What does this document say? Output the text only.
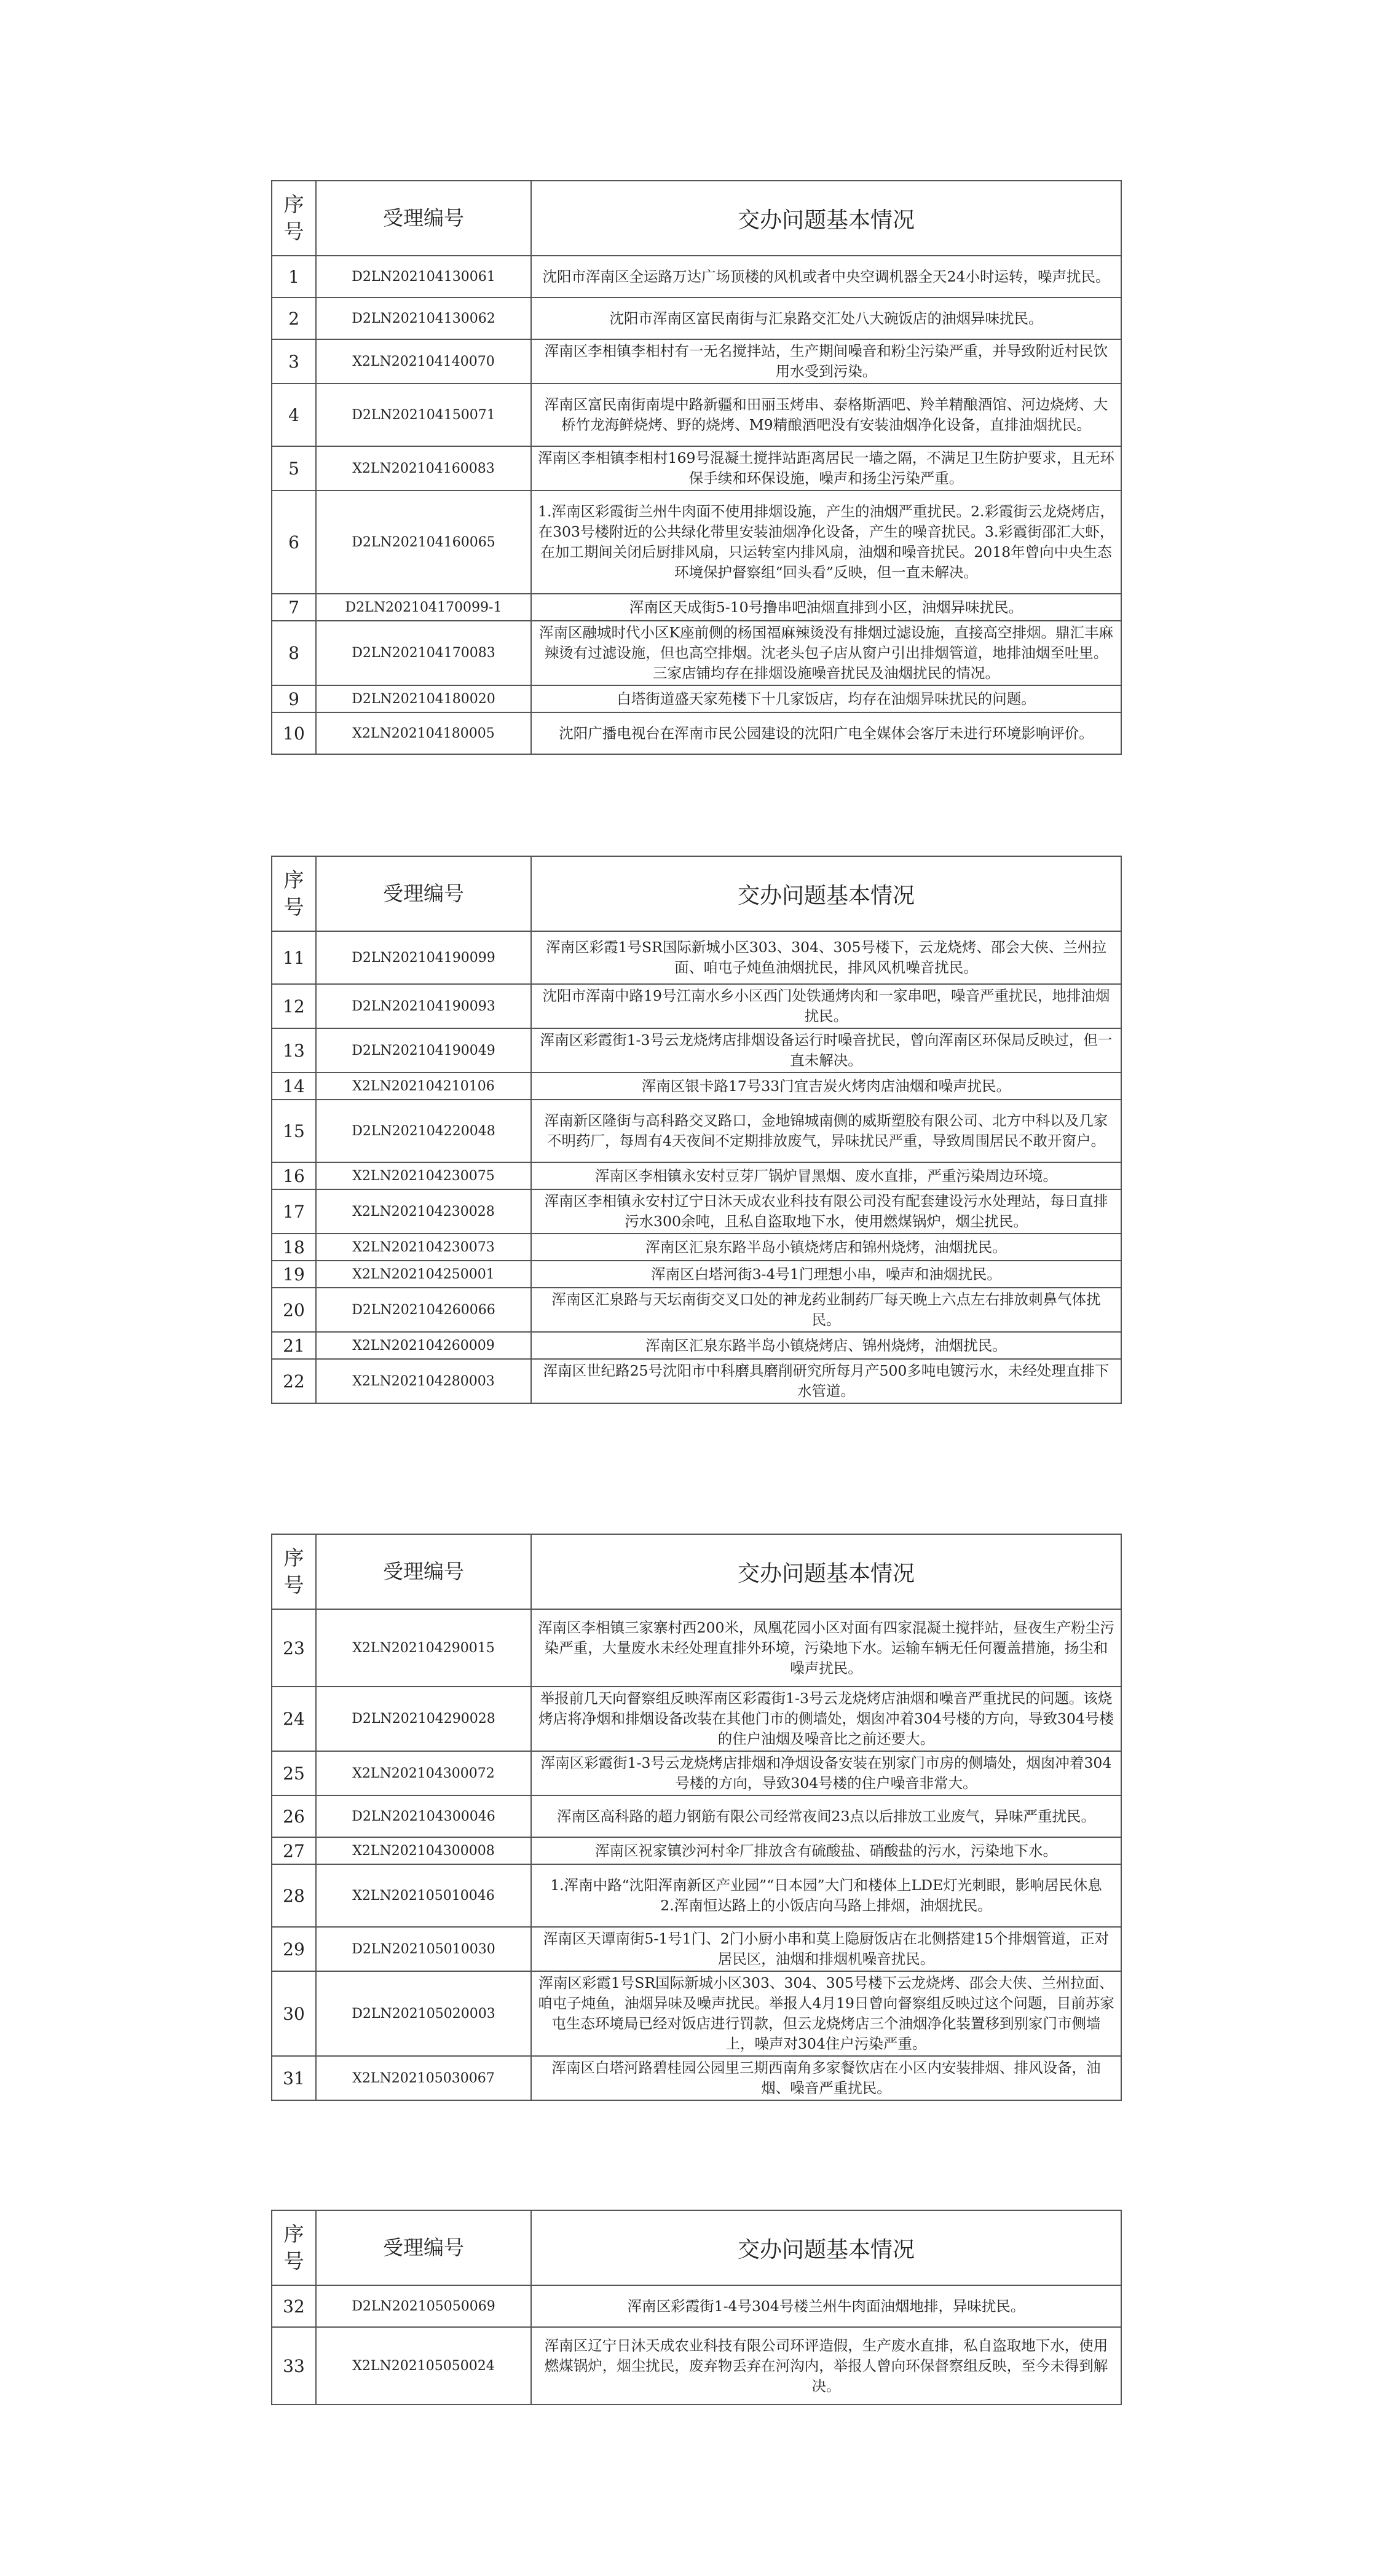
序号	受理编号	交办问题基本情况
1	D2LN202104130061	沈阳市浑南区全运路万达广场顶楼的风机或者中央空调机器全天24小时运转，噪声扰民。
2	D2LN202104130062	沈阳市浑南区富民南街与汇泉路交汇处八大碗饭店的油烟异味扰民。
3	X2LN202104140070	浑南区李相镇李相村有一无名搅拌站，生产期间噪音和粉尘污染严重，并导致附近村民饮用水受到污染。
4	D2LN202104150071	浑南区富民南街南堤中路新疆和田丽玉烤串、泰格斯酒吧、羚羊精酿酒馆、河边烧烤、大桥竹龙海鲜烧烤、野的烧烤、M9精酿酒吧没有安装油烟净化设备，直排油烟扰民。
5	X2LN202104160083	浑南区李相镇李相村169号混凝土搅拌站距离居民一墙之隔，不满足卫生防护要求，且无环保手续和环保设施，噪声和扬尘污染严重。
6	D2LN202104160065	1.浑南区彩霞街兰州牛肉面不使用排烟设施，产生的油烟严重扰民。2.彩霞街云龙烧烤店，在303号楼附近的公共绿化带里安装油烟净化设备，产生的噪音扰民。3.彩霞街邵汇大虾，在加工期间关闭后厨排风扇，只运转室内排风扇，油烟和噪音扰民。2018年曾向中央生态环境保护督察组“回头看”反映，但一直未解决。
7	D2LN202104170099-1	浑南区天成街5-10号撸串吧油烟直排到小区，油烟异味扰民。
8	D2LN202104170083	浑南区融城时代小区K座前侧的杨国福麻辣烫没有排烟过滤设施，直接高空排烟。鼎汇丰麻辣烫有过滤设施，但也高空排烟。沈老头包子店从窗户引出排烟管道，地排油烟至吐里。三家店铺均存在排烟设施噪音扰民及油烟扰民的情况。
9	D2LN202104180020	白塔街道盛天家苑楼下十几家饭店，均存在油烟异味扰民的问题。
10	X2LN202104180005	沈阳广播电视台在浑南市民公园建设的沈阳广电全媒体会客厅未进行环境影响评价。
序号	受理编号	交办问题基本情况
11	D2LN202104190099	浑南区彩霞1号SR国际新城小区303、304、305号楼下，云龙烧烤、邵会大侠、兰州拉面、咱屯子炖鱼油烟扰民，排风风机噪音扰民。
12	D2LN202104190093	沈阳市浑南中路19号江南水乡小区西门处铁通烤肉和一家串吧，噪音严重扰民，地排油烟扰民。
13	D2LN202104190049	浑南区彩霞街1-3号云龙烧烤店排烟设备运行时噪音扰民，曾向浑南区环保局反映过，但一直未解决。
14	X2LN202104210106	浑南区银卡路17号33门宜吉炭火烤肉店油烟和噪声扰民。
15	D2LN202104220048	浑南新区隆街与高科路交叉路口，金地锦城南侧的威斯塑胶有限公司、北方中科以及几家不明药厂，每周有4天夜间不定期排放废气，异味扰民严重，导致周围居民不敢开窗户。
16	X2LN202104230075	浑南区李相镇永安村豆芽厂锅炉冒黑烟、废水直排，严重污染周边环境。
17	X2LN202104230028	浑南区李相镇永安村辽宁日沐天成农业科技有限公司没有配套建设污水处理站，每日直排污水300余吨，且私自盗取地下水，使用燃煤锅炉，烟尘扰民。
18	X2LN202104230073	浑南区汇泉东路半岛小镇烧烤店和锦州烧烤，油烟扰民。
19	X2LN202104250001	浑南区白塔河街3-4号1门理想小串，噪声和油烟扰民。
20	D2LN202104260066	浑南区汇泉路与天坛南街交叉口处的神龙药业制药厂每天晚上六点左右排放刺鼻气体扰民。
21	X2LN202104260009	浑南区汇泉东路半岛小镇烧烤店、锦州烧烤，油烟扰民。
22	X2LN202104280003	浑南区世纪路25号沈阳市中科磨具磨削研究所每月产500多吨电镀污水，未经处理直排下水管道。
序号	受理编号	交办问题基本情况
23	X2LN202104290015	浑南区李相镇三家寨村西200米，凤凰花园小区对面有四家混凝土搅拌站，昼夜生产粉尘污染严重，大量废水未经处理直排外环境，污染地下水。运输车辆无任何覆盖措施，扬尘和噪声扰民。
24	D2LN202104290028	举报前几天向督察组反映浑南区彩霞街1-3号云龙烧烤店油烟和噪音严重扰民的问题。该烧烤店将净烟和排烟设备改装在其他门市的侧墙处，烟囱冲着304号楼的方向，导致304号楼的住户油烟及噪音比之前还要大。
25	X2LN202104300072	浑南区彩霞街1-3号云龙烧烤店排烟和净烟设备安装在别家门市房的侧墙处，烟囱冲着304号楼的方向，导致304号楼的住户噪音非常大。
26	D2LN202104300046	浑南区高科路的超力钢筋有限公司经常夜间23点以后排放工业废气，异味严重扰民。
27	X2LN202104300008	浑南区祝家镇沙河村伞厂排放含有硫酸盐、硝酸盐的污水，污染地下水。
28	X2LN202105010046	1.浑南中路“沈阳浑南新区产业园”“日本园”大门和楼体上LDE灯光刺眼，影响居民休息
2.浑南恒达路上的小饭店向马路上排烟，油烟扰民。
29	D2LN202105010030	浑南区天谭南街5-1号1门、2门小厨小串和莫上隐厨饭店在北侧搭建15个排烟管道，正对居民区，油烟和排烟机噪音扰民。
30	D2LN202105020003	浑南区彩霞1号SR国际新城小区303、304、305号楼下云龙烧烤、邵会大侠、兰州拉面、咱屯子炖鱼，油烟异味及噪声扰民。举报人4月19日曾向督察组反映过这个问题，目前苏家屯生态环境局已经对饭店进行罚款，但云龙烧烤店三个油烟净化装置移到别家门市侧墙上，噪声对304住户污染严重。
31	X2LN202105030067	浑南区白塔河路碧桂园公园里三期西南角多家餐饮店在小区内安装排烟、排风设备，油烟、噪音严重扰民。
序号	受理编号	交办问题基本情况
32	D2LN202105050069	浑南区彩霞街1-4号304号楼兰州牛肉面油烟地排，异味扰民。
33	X2LN202105050024	浑南区辽宁日沐天成农业科技有限公司环评造假，生产废水直排，私自盗取地下水，使用燃煤锅炉，烟尘扰民，废弃物丢弃在河沟内，举报人曾向环保督察组反映，至今未得到解决。
